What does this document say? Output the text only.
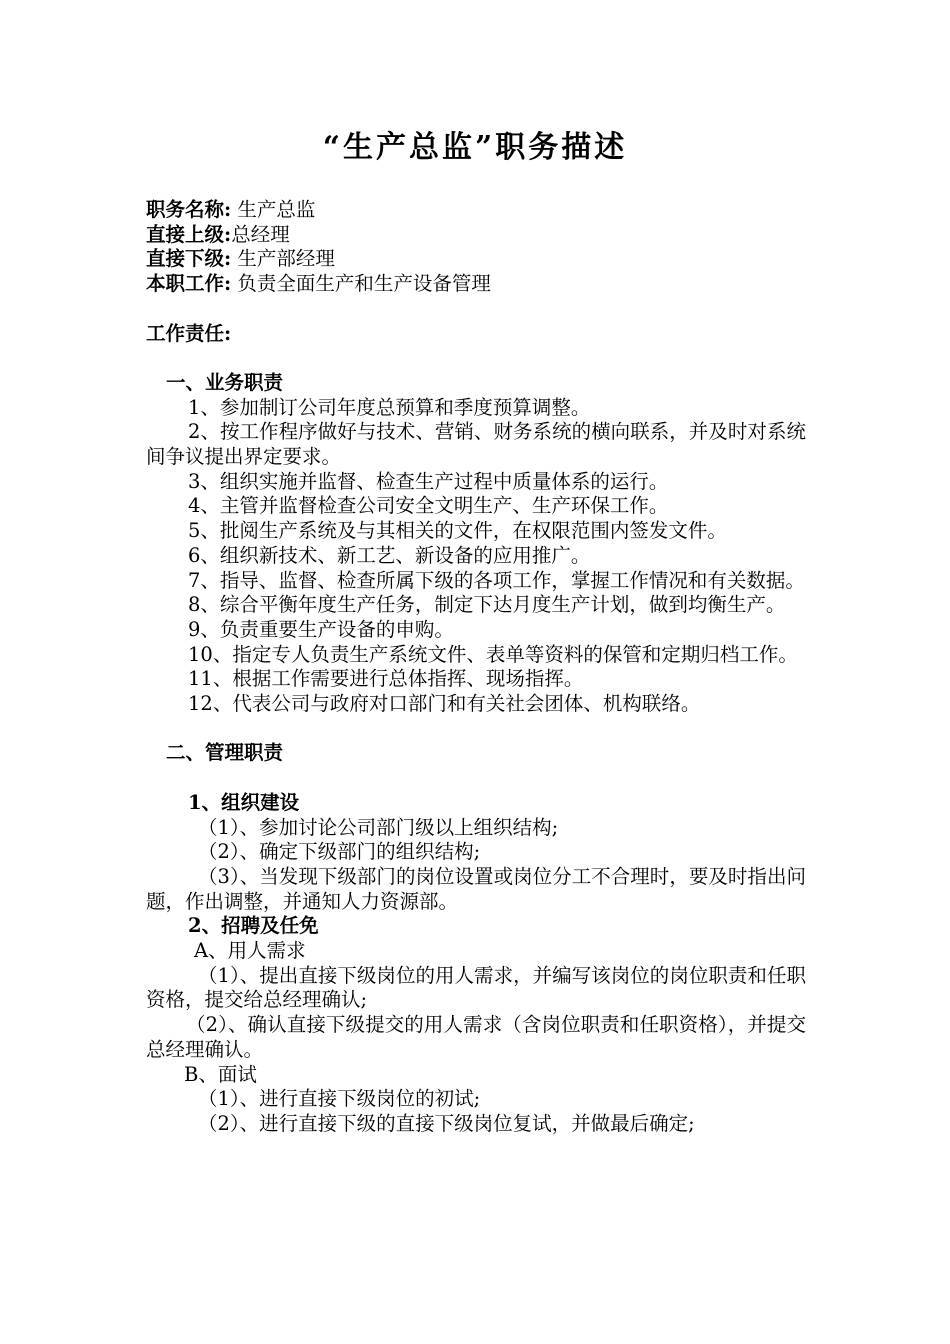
“生产总监”职务描述

职务名称: 生产总监

直接上级:总经理

直接下级: 生产部经理

本职工作: 负责全面生产和生产设备管理

工作责任:

一、业务职责

1、参加制订公司年度总预算和季度预算调整。

2、按工作程序做好与技术、营销、财务系统的横向联系，并及时对系统间争议提出界定要求。

3、组织实施并监督、检查生产过程中质量体系的运行。

4、主管并监督检查公司安全文明生产、生产环保工作。

5、批阅生产系统及与其相关的文件，在权限范围内签发文件。

6、组织新技术、新工艺、新设备的应用推广。

7、指导、监督、检查所属下级的各项工作，掌握工作情况和有关数据。

8、综合平衡年度生产任务，制定下达月度生产计划，做到均衡生产。

9、负责重要生产设备的申购。

10、指定专人负责生产系统文件、表单等资料的保管和定期归档工作。

11、根据工作需要进行总体指挥、现场指挥。

12、代表公司与政府对口部门和有关社会团体、机构联络。

二、管理职责

1、组织建设

（1）、参加讨论公司部门级以上组织结构;

（2）、确定下级部门的组织结构;

（3）、当发现下级部门的岗位设置或岗位分工不合理时，要及时指出问题，作出调整，并通知人力资源部。

2、招聘及任免

A、用人需求

（1）、提出直接下级岗位的用人需求，并编写该岗位的岗位职责和任职资格，提交给总经理确认;

（2）、确认直接下级提交的用人需求（含岗位职责和任职资格），并提交总经理确认。

B、面试

（1）、进行直接下级岗位的初试;

（2）、进行直接下级的直接下级岗位复试，并做最后确定;
